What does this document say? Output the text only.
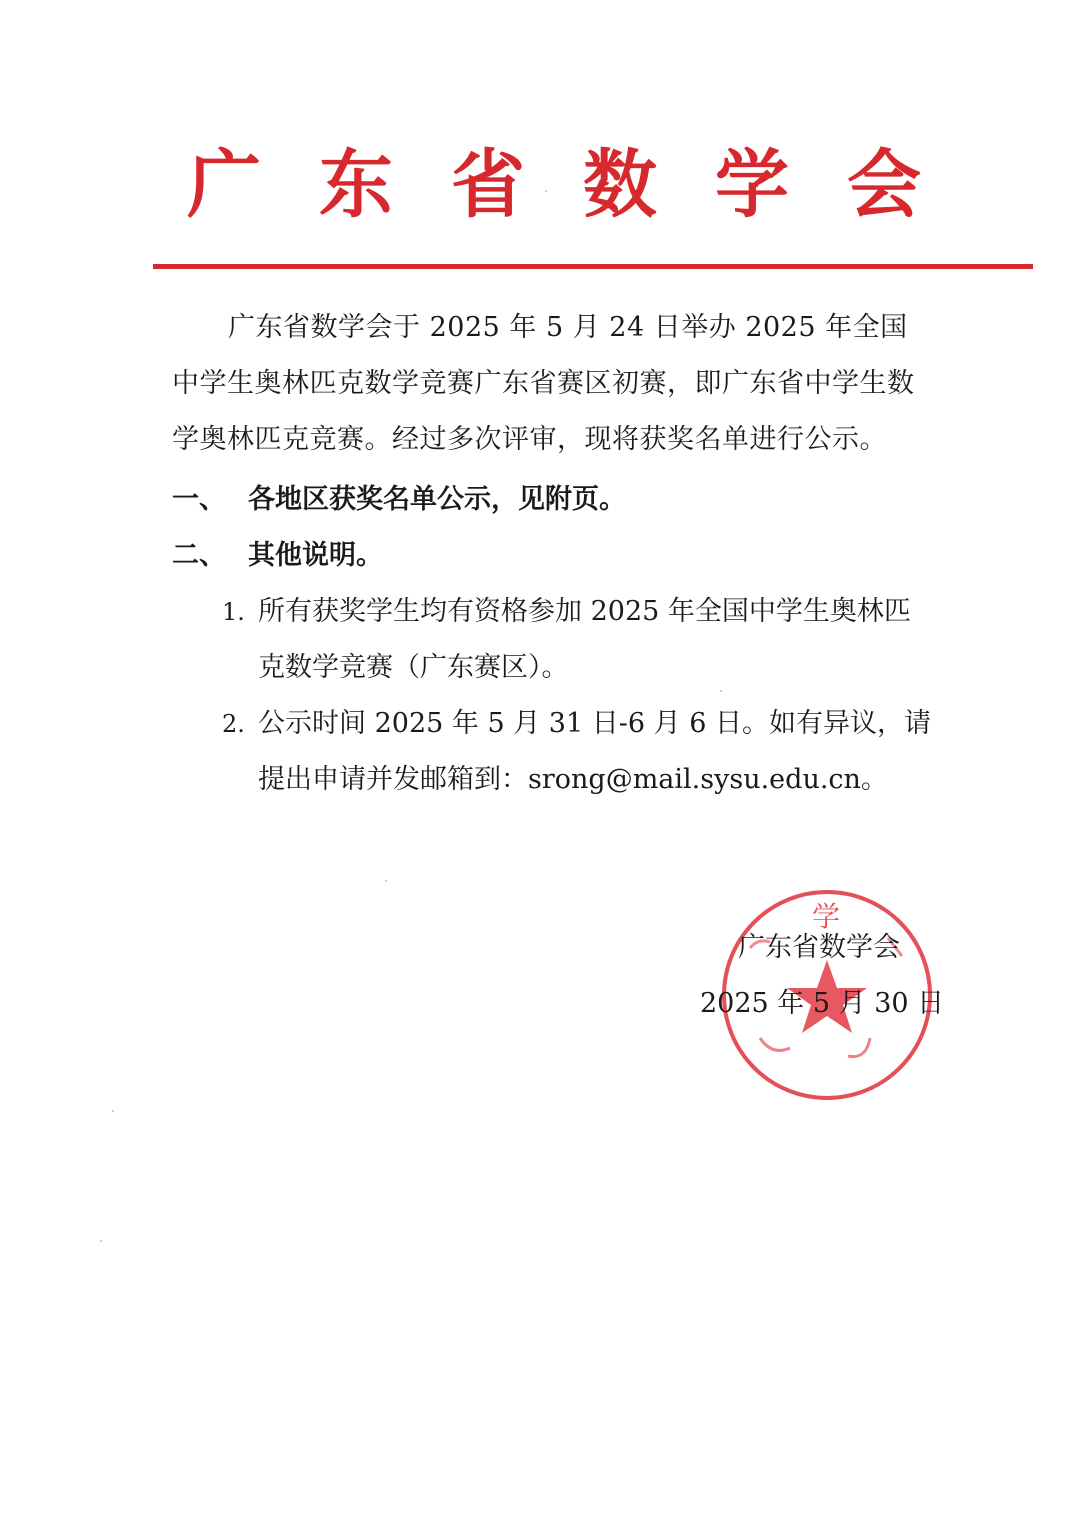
广 东 省 数 学 会
广东省数学会于 2025 年 5 月 24 日举办 2025 年全国中学生奥林匹克数学竞赛广东省赛区初赛，即广东省中学生数学奥林匹克竞赛。经过多次评审，现将获奖名单进行公示。
一、 各地区获奖名单公示，见附页。
二、 其他说明。
1. 所有获奖学生均有资格参加 2025 年全国中学生奥林匹克数学竞赛（广东赛区）。
2. 公示时间 2025 年 5 月 31 日-6 月 6 日。如有异议，请提出申请并发邮箱到：srong@mail.sysu.edu.cn。
学
广东省数学会
2025 年 5 月 30 日
